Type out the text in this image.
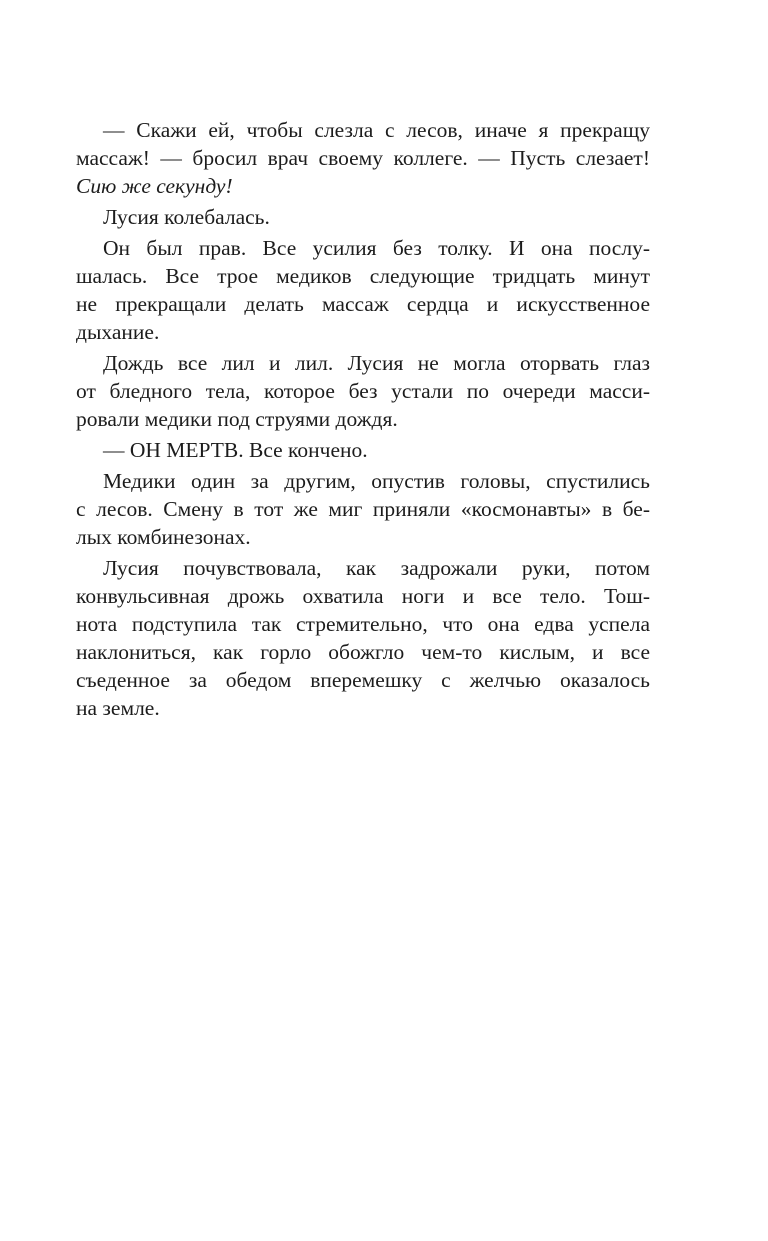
— Скажи ей, чтобы слезла с лесов, иначе я прекращу
массаж! — бросил врач своему коллеге. — Пусть слезает!
Сию же секунду!
Лусия колебалась.
Он был прав. Все усилия без толку. И она послу-
шалась. Все трое медиков следующие тридцать минут
не прекращали делать массаж сердца и искусственное
дыхание.
Дождь все лил и лил. Лусия не могла оторвать глаз
от бледного тела, которое без устали по очереди масси-
ровали медики под струями дождя.
— ОН МЕРТВ. Все кончено.
Медики один за другим, опустив головы, спустились
с лесов. Смену в тот же миг приняли «космонавты» в бе-
лых комбинезонах.
Лусия почувствовала, как задрожали руки, потом
конвульсивная дрожь охватила ноги и все тело. Тош-
нота подступила так стремительно, что она едва успела
наклониться, как горло обожгло чем-то кислым, и все
съеденное за обедом вперемешку с желчью оказалось
на земле.
